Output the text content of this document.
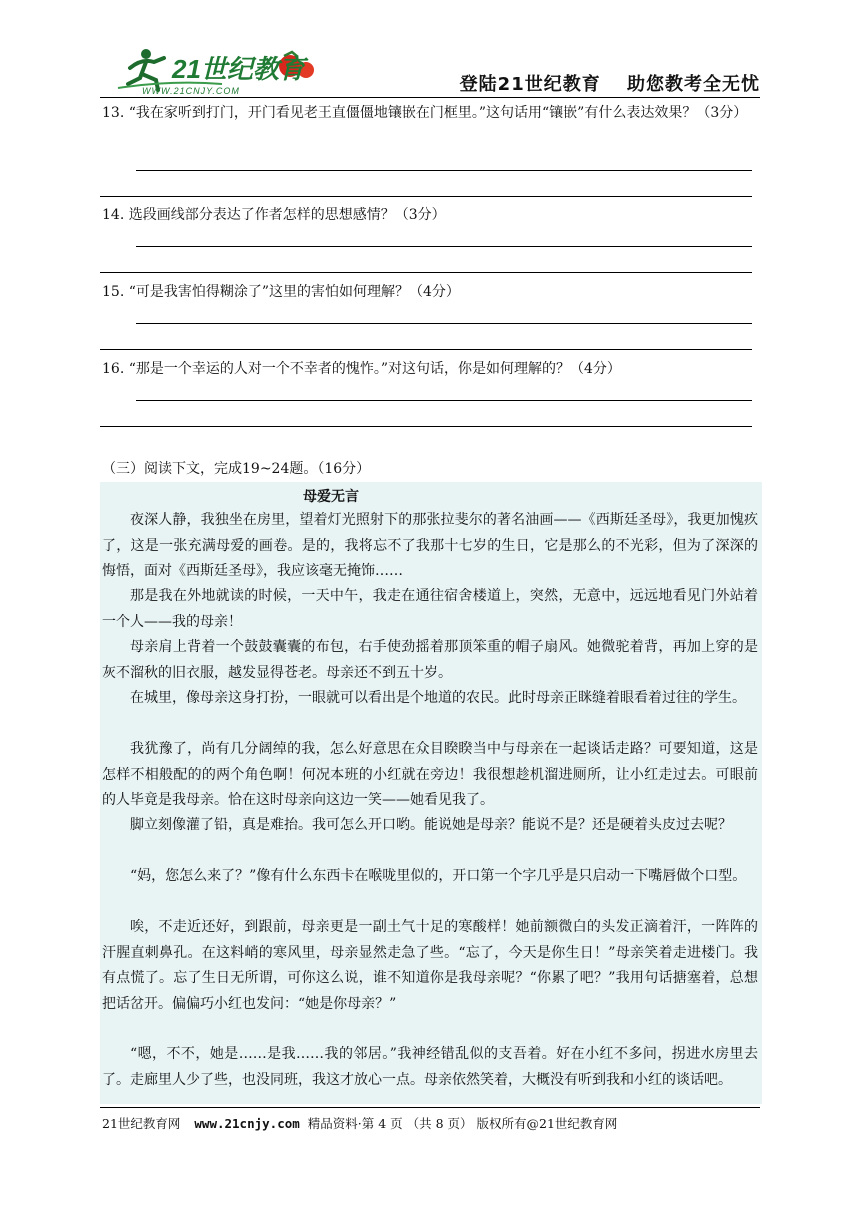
21世纪教育
WWW.21CNJY.COM	登陆21世纪教育　 助您教考全无忧
13. “我在家听到打门，开门看见老王直僵僵地镶嵌在门框里。”这句话用“镶嵌”有什么表达效果？（3分）
14. 选段画线部分表达了作者怎样的思想感情？（3分）
15. “可是我害怕得糊涂了”这里的害怕如何理解？（4分）
16. “那是一个幸运的人对一个不幸者的愧怍。”对这句话，你是如何理解的？（4分）
（三）阅读下文，完成19~24题。（16分）
母爱无言

夜深人静，我独坐在房里，望着灯光照射下的那张拉斐尔的著名油画——《西斯廷圣母》，我更加愧疚了，这是一张充满母爱的画卷。是的，我将忘不了我那十七岁的生日，它是那么的不光彩，但为了深深的悔悟，面对《西斯廷圣母》，我应该毫无掩饰……

那是我在外地就读的时候，一天中午，我走在通往宿舍楼道上，突然，无意中，远远地看见门外站着一个人——我的母亲！

母亲肩上背着一个鼓鼓囊囊的布包，右手使劲摇着那顶笨重的帽子扇风。她微驼着背，再加上穿的是灰不溜秋的旧衣服，越发显得苍老。母亲还不到五十岁。

在城里，像母亲这身打扮，一眼就可以看出是个地道的农民。此时母亲正眯缝着眼看着过往的学生。

我犹豫了，尚有几分阔绰的我，怎么好意思在众目睽睽当中与母亲在一起谈话走路？可要知道，这是怎样不相般配的的两个角色啊！何况本班的小红就在旁边！我很想趁机溜进厕所，让小红走过去。可眼前的人毕竟是我母亲。恰在这时母亲向这边一笑——她看见我了。

脚立刻像灌了铅，真是难抬。我可怎么开口哟。能说她是母亲？能说不是？还是硬着头皮过去呢？

“妈，您怎么来了？”像有什么东西卡在喉咙里似的，开口第一个字几乎是只启动一下嘴唇做个口型。

唉，不走近还好，到跟前，母亲更是一副土气十足的寒酸样！她前额微白的头发正滴着汗，一阵阵的汗腥直刺鼻孔。在这料峭的寒风里，母亲显然走急了些。“忘了，今天是你生日！”母亲笑着走进楼门。我有点慌了。忘了生日无所谓，可你这么说，谁不知道你是我母亲呢？“你累了吧？”我用句话搪塞着，总想把话岔开。偏偏巧小红也发问：“她是你母亲？”

“嗯，不不，她是……是我……我的邻居。”我神经错乱似的支吾着。好在小红不多问，拐进水房里去了。走廊里人少了些，也没同班，我这才放心一点。母亲依然笑着，大概没有听到我和小红的谈话吧。

21世纪教育网 www.21cnjy.com 精品资料·第 4 页 （共 8 页） 版权所有@21世纪教育网
